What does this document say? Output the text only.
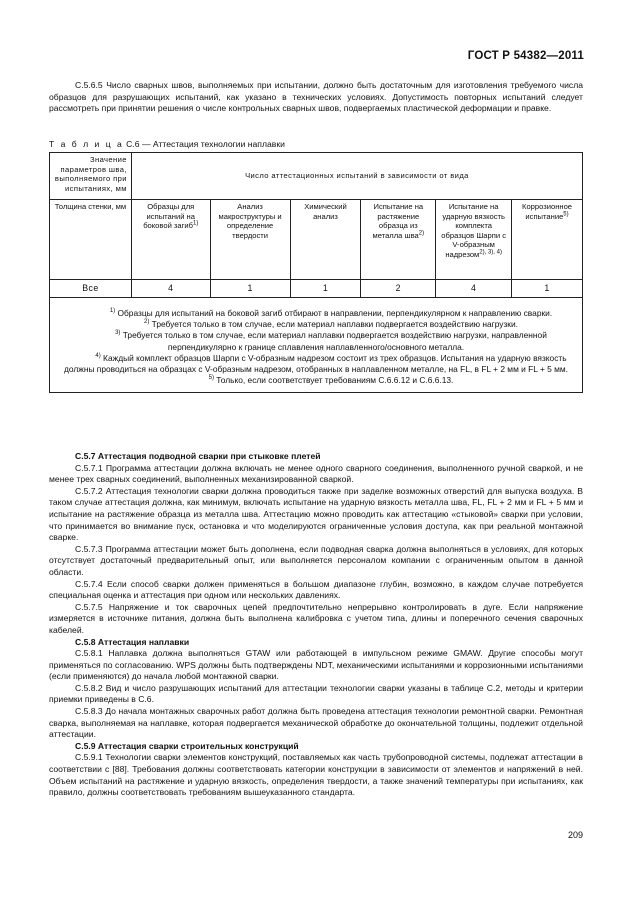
ГОСТ Р 54382—2011

С.5.6.5 Число сварных швов, выполняемых при испытании, должно быть достаточным для изготовления требуемого числа образцов для разрушающих испытаний, как указано в технических условиях. Допустимость повторных испытаний следует рассмотреть при принятии решения о числе контрольных сварных швов, подвергаемых пластической деформации и правке.

Т а б л и ц а С.6 — Аттестация технологии наплавки
Значение параметров шва, выполняемого при испытаниях, мм	Число аттестационных испытаний в зависимости от вида					
Толщина стенки, мм	Образцы для испытаний на боковой загиб$^{1)}$	Анализ макроструктуры и определение твердости	Химический анализ	Испытание на растяжение образца из металла шва$^{2)}$	Испытание на ударную вязкость комплекта образцов Шарпи с V-образным надрезом$^{2), 3), 4)}$	Коррозионное испытание$^{5)}$
Все	4	1	1	2	4	1

$^{1)}$ Образцы для испытаний на боковой загиб отбирают в направлении, перпендикулярном к направлению сварки.

$^{2)}$ Требуется только в том случае, если материал наплавки подвергается воздействию нагрузки.

$^{3)}$ Требуется только в том случае, если материал наплавки подвергается воздействию нагрузки, направленной перпендикулярно к границе сплавления наплавленного/основного металла.

$^{4)}$ Каждый комплект образцов Шарпи с V-образным надрезом состоит из трех образцов. Испытания на ударную вязкость должны проводиться на образцах с V-образным надрезом, отобранных в наплавленном металле, на FL, в FL + 2 мм и FL + 5 мм.

$^{5)}$ Только, если соответствует требованиям С.6.6.12 и С.6.6.13.						

С.5.7 Аттестация подводной сварки при стыковке плетей

С.5.7.1 Программа аттестации должна включать не менее одного сварного соединения, выполненного ручной сваркой, и не менее трех сварных соединений, выполненных механизированной сваркой.

С.5.7.2 Аттестация технологии сварки должна проводиться также при заделке возможных отверстий для выпуска воздуха. В таком случае аттестация должна, как минимум, включать испытание на ударную вязкость металла шва, FL, FL + 2 мм и FL + 5 мм и испытание на растяжение образца из металла шва. Аттестацию можно проводить как аттестацию «стыковой» сварки при условии, что принимается во внимание пуск, остановка и что моделируются ограниченные условия доступа, как при реальной монтажной сварке.

С.5.7.3 Программа аттестации может быть дополнена, если подводная сварка должна выполняться в условиях, для которых отсутствует достаточный предварительный опыт, или выполняется персоналом компании с ограниченным опытом в данной области.

С.5.7.4 Если способ сварки должен применяться в большом диапазоне глубин, возможно, в каждом случае потребуется специальная оценка и аттестация при одном или нескольких давлениях.

С.5.7.5 Напряжение и ток сварочных цепей предпочтительно непрерывно контролировать в дуге. Если напряжение измеряется в источнике питания, должна быть выполнена калибровка с учетом типа, длины и поперечного сечения сварочных кабелей.

С.5.8 Аттестация наплавки

С.5.8.1 Наплавка должна выполняться GTAW или работающей в импульсном режиме GMAW. Другие способы могут применяться по согласованию. WPS должны быть подтверждены NDT, механическими испытаниями и коррозионными испытаниями (если применяются) до начала любой монтажной сварки.

С.5.8.2 Вид и число разрушающих испытаний для аттестации технологии сварки указаны в таблице С.2, методы и критерии приемки приведены в С.6.

С.5.8.3 До начала монтажных сварочных работ должна быть проведена аттестация технологии ремонтной сварки. Ремонтная сварка, выполняемая на наплавке, которая подвергается механической обработке до окончательной толщины, подлежит отдельной аттестации.

С.5.9 Аттестация сварки строительных конструкций

С.5.9.1 Технологии сварки элементов конструкций, поставляемых как часть трубопроводной системы, подлежат аттестации в соответствии с [88]. Требования должны соответствовать категории конструкции в зависимости от элементов и напряжений в ней. Объем испытаний на растяжение и ударную вязкость, определения твердости, а также значений температуры при испытаниях, как правило, должны соответствовать требованиям вышеуказанного стандарта.

209
